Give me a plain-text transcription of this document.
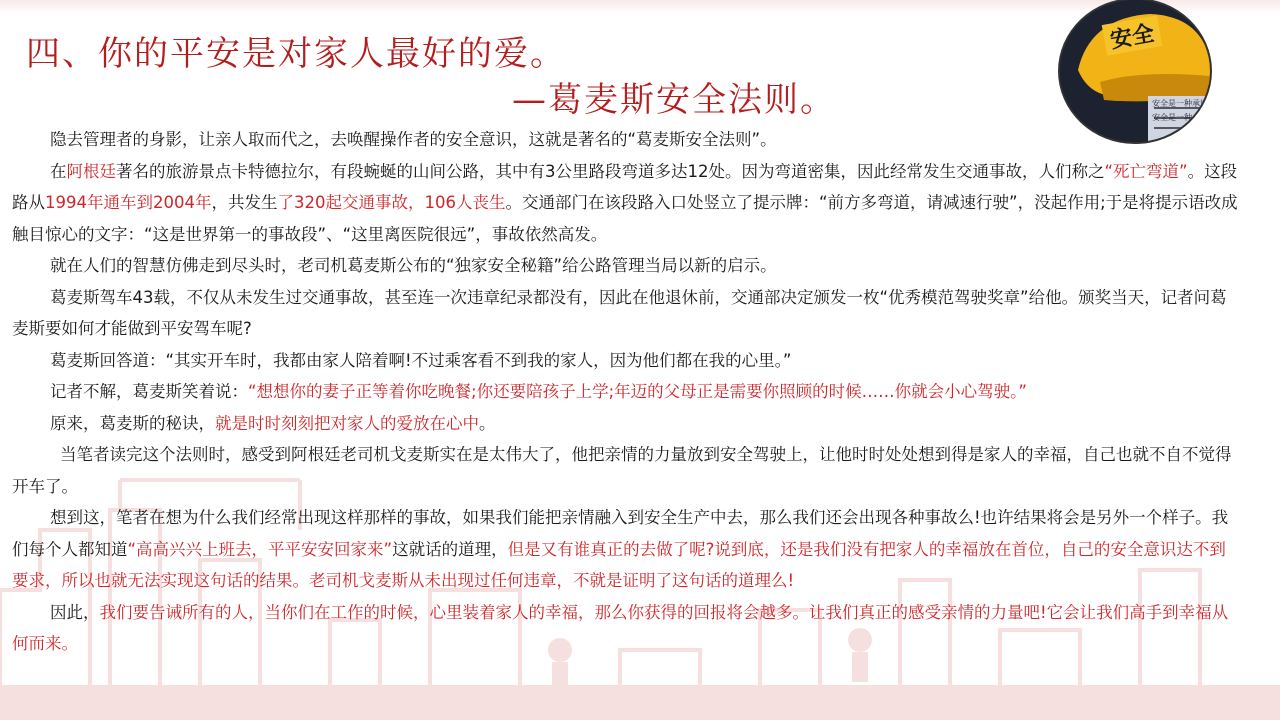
四、你的平安是对家人最好的爱。
—葛麦斯安全法则。
安全
安全是一种承诺
安全是一种...

隐去管理者的身影，让亲人取而代之，去唤醒操作者的安全意识，这就是著名的“葛麦斯安全法则”。

在阿根廷著名的旅游景点卡特德拉尔，有段蜿蜒的山间公路，其中有3公里路段弯道多达12处。因为弯道密集，因此经常发生交通事故，人们称之“死亡弯道”。这段路从1994年通车到2004年，共发生了320起交通事故，106人丧生。交通部门在该段路入口处竖立了提示牌：“前方多弯道，请减速行驶”，没起作用;于是将提示语改成触目惊心的文字：“这是世界第一的事故段”、“这里离医院很远”，事故依然高发。

就在人们的智慧仿佛走到尽头时，老司机葛麦斯公布的“独家安全秘籍”给公路管理当局以新的启示。

葛麦斯驾车43载，不仅从未发生过交通事故，甚至连一次违章纪录都没有，因此在他退休前，交通部决定颁发一枚“优秀模范驾驶奖章”给他。颁奖当天，记者问葛麦斯要如何才能做到平安驾车呢?

葛麦斯回答道：“其实开车时，我都由家人陪着啊!不过乘客看不到我的家人，因为他们都在我的心里。”

记者不解，葛麦斯笑着说：“想想你的妻子正等着你吃晚餐;你还要陪孩子上学;年迈的父母正是需要你照顾的时候……你就会小心驾驶。”

原来，葛麦斯的秘诀，就是时时刻刻把对家人的爱放在心中。

当笔者读完这个法则时，感受到阿根廷老司机戈麦斯实在是太伟大了，他把亲情的力量放到安全驾驶上，让他时时处处想到得是家人的幸福，自己也就不自不觉得开车了。

想到这，笔者在想为什么我们经常出现这样那样的事故，如果我们能把亲情融入到安全生产中去，那么我们还会出现各种事故么!也许结果将会是另外一个样子。我们每个人都知道“高高兴兴上班去，平平安安回家来”这就话的道理，但是又有谁真正的去做了呢?说到底，还是我们没有把家人的幸福放在首位，自己的安全意识达不到要求，所以也就无法实现这句话的结果。老司机戈麦斯从未出现过任何违章，不就是证明了这句话的道理么!

因此，我们要告诫所有的人，当你们在工作的时候，心里装着家人的幸福，那么你获得的回报将会越多。让我们真正的感受亲情的力量吧!它会让我们高手到幸福从何而来。
